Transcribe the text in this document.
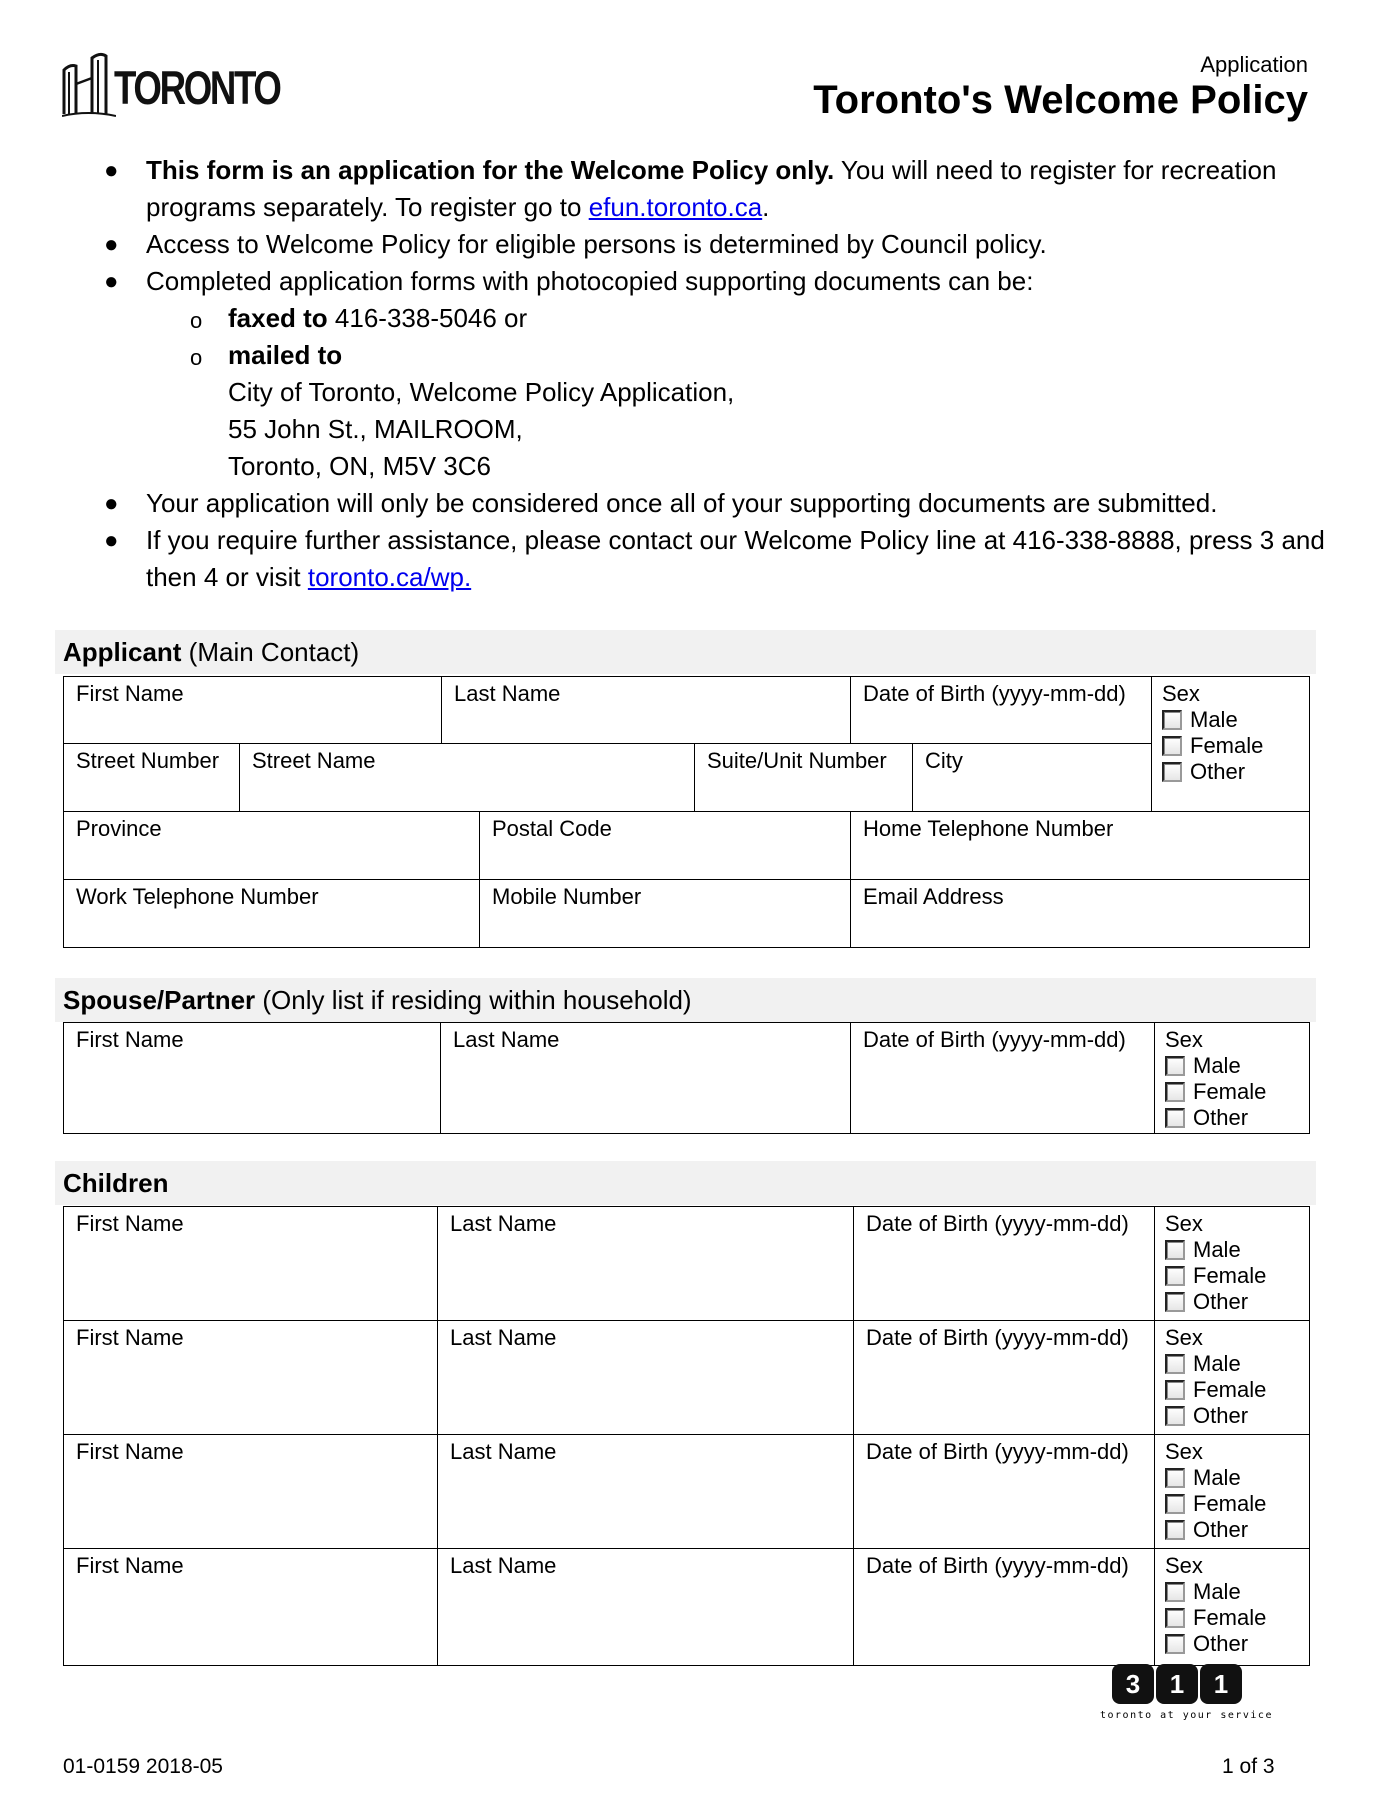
TORONTO	Application
Toronto's Welcome Policy
● This form is an application for the Welcome Policy only. You will need to register for recreation programs separately. To register go to efun.toronto.ca.
● Access to Welcome Policy for eligible persons is determined by Council policy.
● Completed application forms with photocopied supporting documents can be:
o faxed to 416-338-5046 or
o mailed to
City of Toronto, Welcome Policy Application,
55 John St., MAILROOM,
Toronto, ON, M5V 3C6
● Your application will only be considered once all of your supporting documents are submitted.
● If you require further assistance, please contact our Welcome Policy line at 416-338-8888, press 3 and then 4 or visit toronto.ca/wp.
Applicant (Main Contact)
First Name	Last Name	Date of Birth (yyyy-mm-dd)	Sex
Male
Female
Other
Street Number	Street Name	Suite/Unit Number	City
Province	Postal Code	Home Telephone Number
Work Telephone Number	Mobile Number	Email Address
Spouse/Partner (Only list if residing within household)
First Name	Last Name	Date of Birth (yyyy-mm-dd)	Sex
Male
Female
Other
Children
First Name	Last Name	Date of Birth (yyyy-mm-dd)	Sex
Male
Female
Other
First Name	Last Name	Date of Birth (yyyy-mm-dd)	Sex
Male
Female
Other
First Name	Last Name	Date of Birth (yyyy-mm-dd)	Sex
Male
Female
Other
First Name	Last Name	Date of Birth (yyyy-mm-dd)	Sex
Male
Female
Other
3	1	1
toronto at your service
01-0159 2018-05	1 of 3
